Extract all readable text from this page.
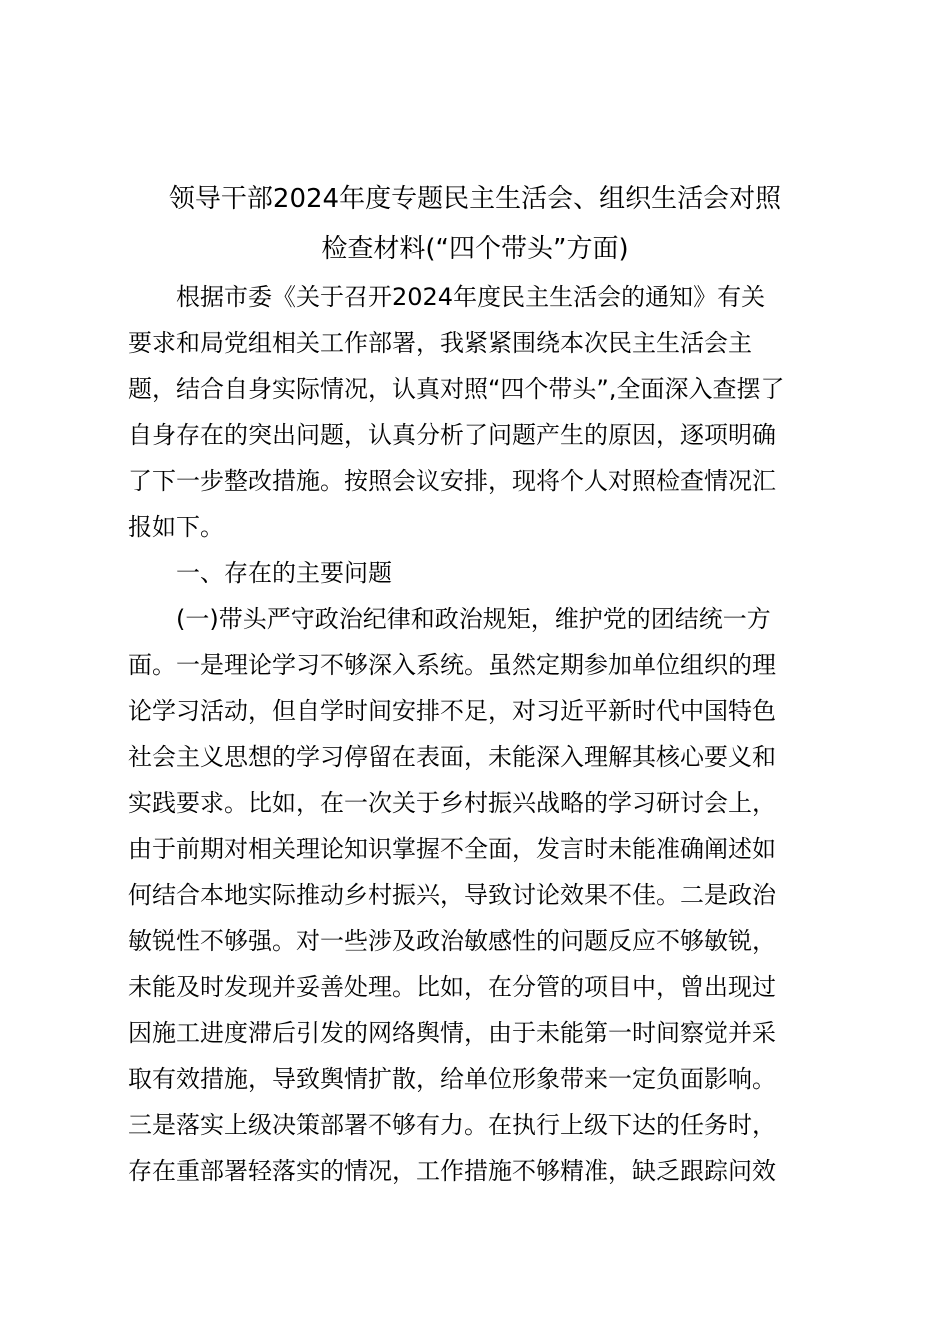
领导干部2024年度专题民主生活会、组织生活会对照
检查材料(“四个带头”方面)

根据市委《关于召开2024年度民主生活会的通知》有关

要求和局党组相关工作部署，我紧紧围绕本次民主生活会主

题，结合自身实际情况，认真对照“四个带头”,全面深入查摆了

自身存在的突出问题，认真分析了问题产生的原因，逐项明确

了下一步整改措施。按照会议安排，现将个人对照检查情况汇

报如下。

一、存在的主要问题

(一)带头严守政治纪律和政治规矩，维护党的团结统一方

面。一是理论学习不够深入系统。虽然定期参加单位组织的理

论学习活动，但自学时间安排不足，对习近平新时代中国特色

社会主义思想的学习停留在表面，未能深入理解其核心要义和

实践要求。比如，在一次关于乡村振兴战略的学习研讨会上，

由于前期对相关理论知识掌握不全面，发言时未能准确阐述如

何结合本地实际推动乡村振兴，导致讨论效果不佳。二是政治

敏锐性不够强。对一些涉及政治敏感性的问题反应不够敏锐，

未能及时发现并妥善处理。比如，在分管的项目中，曾出现过

因施工进度滞后引发的网络舆情，由于未能第一时间察觉并采

取有效措施，导致舆情扩散，给单位形象带来一定负面影响。

三是落实上级决策部署不够有力。在执行上级下达的任务时，

存在重部署轻落实的情况，工作措施不够精准，缺乏跟踪问效
